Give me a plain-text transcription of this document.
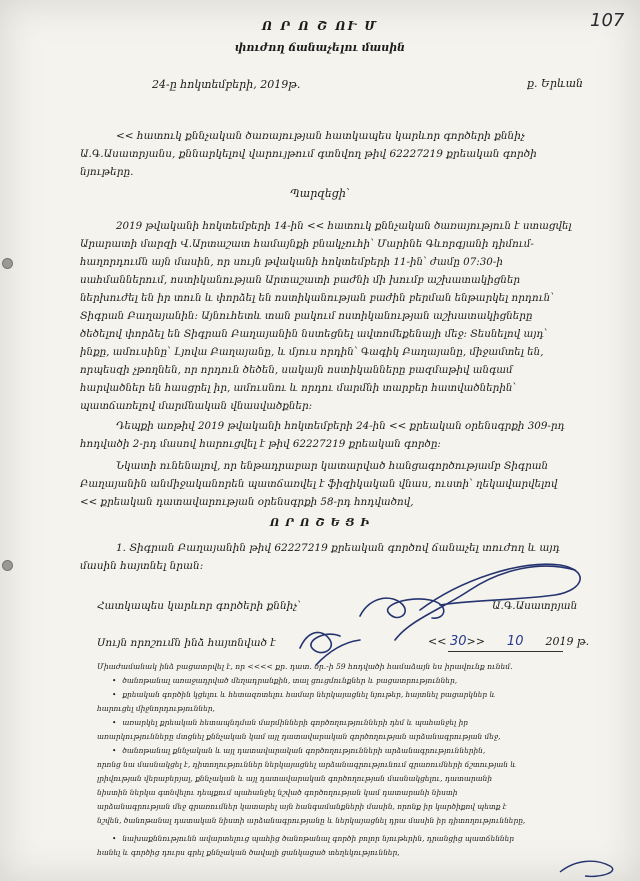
107

Ո Ր Ո Շ ՈՒ Մ

փուժող ճանաչելու մասին

24-ը հոկտեմբերի, 2019թ.	ք. Երևան

<< հատուկ քննչական ծառայության հատկապես կարևոր գործերի քննիչ

Ա.Գ.Ասատրյանս, քննարկելով վարույթում գտնվող թիվ 62227219 քրեական գործի

նյութերը.

Պարզեցի՝

2019 թվականի հոկտեմբերի 14-ին << հատուկ քննչական ծառայություն է ստացվել

Արարատի մարզի Վ.Արտաշատ համայնքի բնակչուհի՝ Մարինե Գևորգյանի դիմում-

հաղորդումն այն մասին, որ սույն թվականի հոկտեմբերի 11-ին՝ ժամը 07:30-ի

սահմաններում, ոստիկանության Արտաշատի բաժնի մի խումբ աշխատակիցներ

ներխուժել են իր տուն և փորձել են ոստիկանության բաժին բերման ենթարկել որդուն՝

Տիգրան Բաղայանին: Այնուհետև տան բակում ոստիկանության աշխատակիցները

ծեծելով փորձել են Տիգրան Բաղայանին նստեցնել ավտոմեքենայի մեջ: Տեսնելով այդ՝

ինքը, ամուսինը՝ Լյովա Բաղայանը, և մյուս որդին՝ Գագիկ Բաղայանը, միջամտել են,

որպեսզի չթողնեն, որ որդուն ծեծեն, սակայն ոստիկանները բազմաթիվ անգամ

հարվածներ են հասցրել իր, ամուսնու և որդու մարմնի տարբեր հատվածներին՝

պատճառելով մարմնական վնասվածքներ:

Դեպքի առթիվ 2019 թվականի հոկտեմբերի 24-ին << քրեական օրենսգրքի 309-րդ

հոդվածի 2-րդ մասով հարուցվել է թիվ 62227219 քրեական գործը:

Նկատի ունենալով, որ ենթադրաբար կատարված հանցագործությամբ Տիգրան

Բաղայանին անմիջականորեն պատճառվել է ֆիզիկական վնաս, ուստի՝ ղեկավարվելով

<< քրեական դատավարության օրենսգրքի 58-րդ հոդվածով,

Ո Ր Ո Շ Ե Ց Ի

1. Տիգրան Բաղայանին թիվ 62227219 քրեական գործով ճանաչել տուժող և այդ

մասին հայտնել նրան:

Հատկապես կարևոր գործերի քննիչ՝	Ա.Գ.Ասատրյան

Սույն որոշումն ինձ հայտնված է	<< 30>> 10 2019 թ.

Միաժամանակ ինձ բացատրվել է, որ <<<< քր. դատ. օր.-ի 59 հոդվածի համաձայն ես իրավունք ունեմ.

• ծանոթանալ առաջադրված մեղադրանքին, տալ ցուցմունքներ և բացատրություններ,

• քրեական գործին կցելու և հետազոտելու համար ներկայացնել նյութեր, հայտնել բացարկներ և

հարուցել միջնորդություններ,

• առարկել քրեական հետապնդման մարմինների գործողությունների դեմ և պահանջել իր

առարկությունները մտցնել քննչական կամ այլ դատավարական գործողության արձանագրության մեջ,

• ծանոթանալ քննչական և այլ դատավարական գործողությունների արձանագրություններին,

որոնց նա մասնակցել է, դիտողություններ ներկայացնել արձանագրությունում գրառումների ճշտության և

լրիվության վերաբերյալ, քննչական և այլ դատավարական գործողության մասնակցելու, դատարանի

նիստին ներկա գտնվելու դեպքում պահանջել նշված գործողության կամ դատարանի նիստի

արձանագրության մեջ գրառումներ կատարել այն հանգամանքների մասին, որոնք իր կարծիքով պետք է

նշվեն, ծանոթանալ դատական նիստի արձանագրությանը և ներկայացնել դրա մասին իր դիտողությունները,

• նախաքննությունն ավարտելուց պահից ծանոթանալ գործի բոլոր նյութերին, դրանցից պատճեններ

հանել և գործից դուրս գրել քննչական ծավալի ցանկացած տեղեկություններ,
